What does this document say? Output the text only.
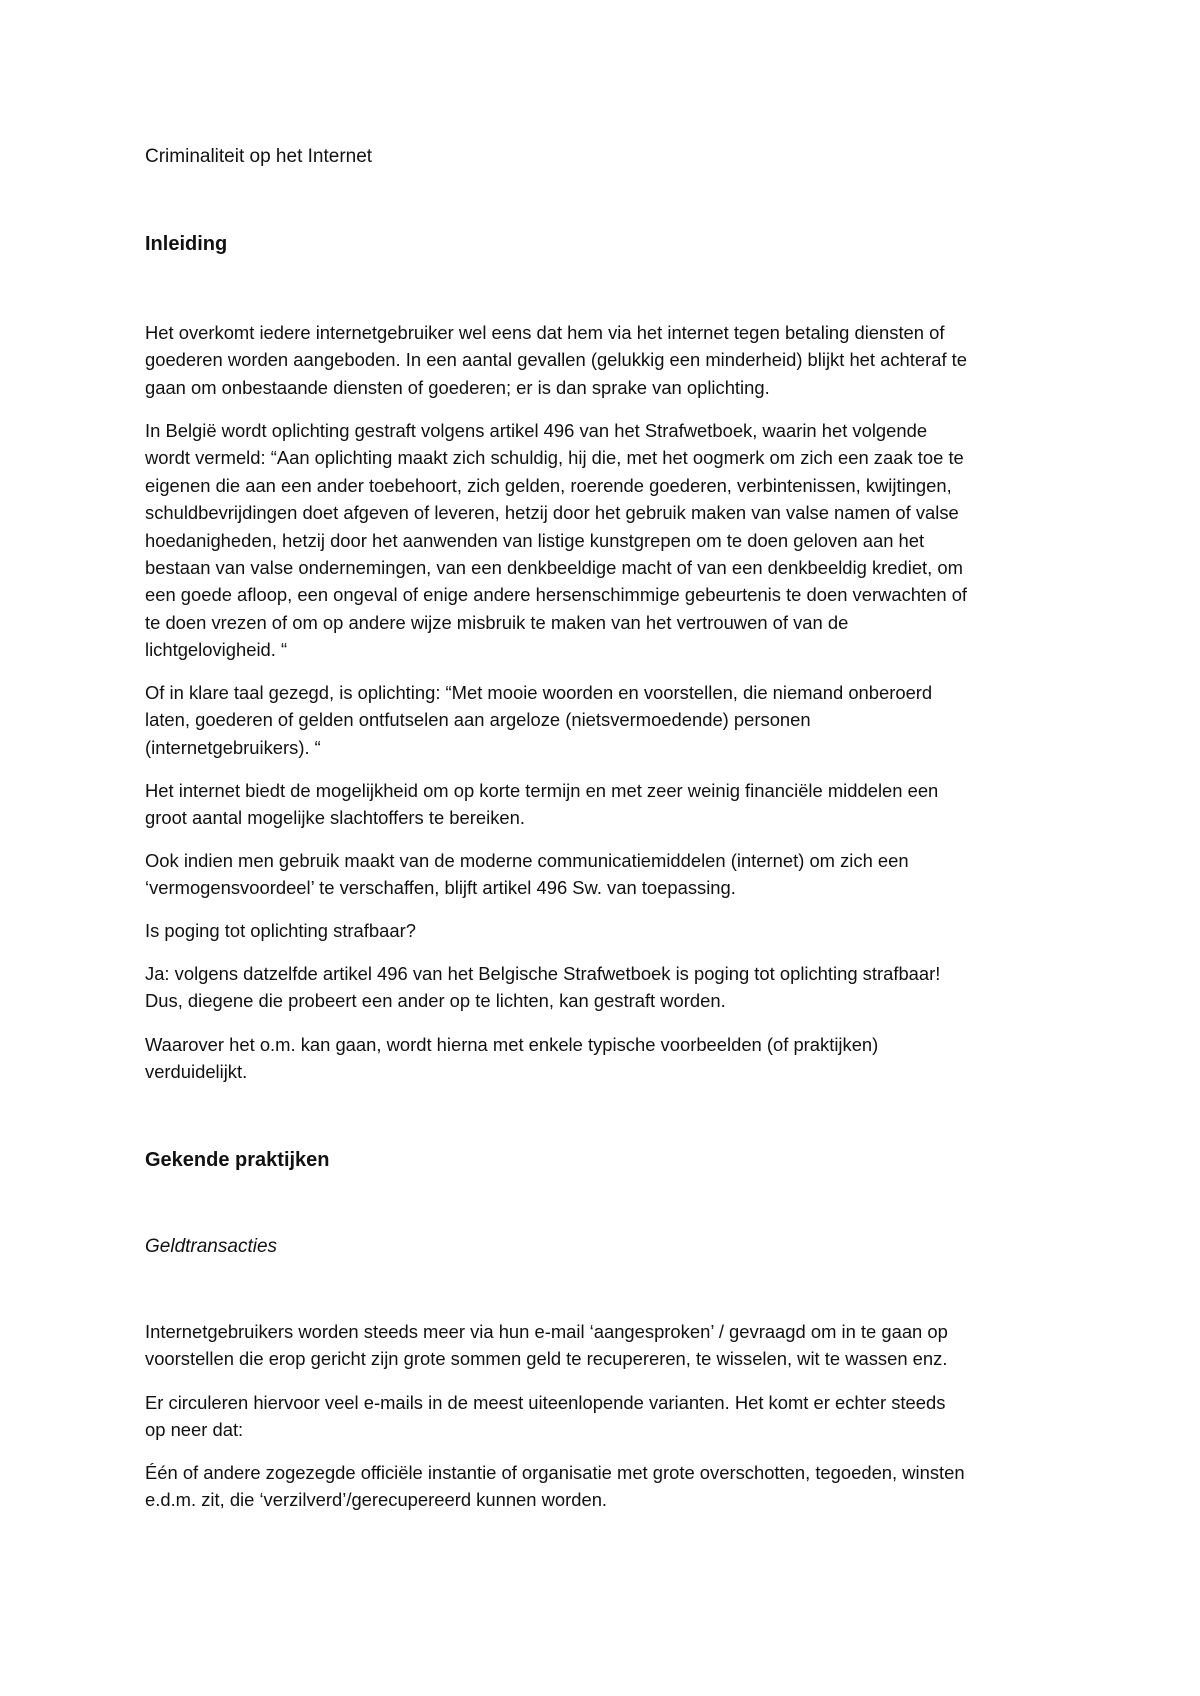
Criminaliteit op het Internet
Inleiding

Het overkomt iedere internetgebruiker wel eens dat hem via het internet tegen betaling diensten of
goederen worden aangeboden. In een aantal gevallen (gelukkig een minderheid) blijkt het achteraf te
gaan om onbestaande diensten of goederen; er is dan sprake van oplichting.

In België wordt oplichting gestraft volgens artikel 496 van het Strafwetboek, waarin het volgende
wordt vermeld: “Aan oplichting maakt zich schuldig, hij die, met het oogmerk om zich een zaak toe te
eigenen die aan een ander toebehoort, zich gelden, roerende goederen, verbintenissen, kwijtingen,
schuldbevrijdingen doet afgeven of leveren, hetzij door het gebruik maken van valse namen of valse
hoedanigheden, hetzij door het aanwenden van listige kunstgrepen om te doen geloven aan het
bestaan van valse ondernemingen, van een denkbeeldige macht of van een denkbeeldig krediet, om
een goede afloop, een ongeval of enige andere hersenschimmige gebeurtenis te doen verwachten of
te doen vrezen of om op andere wijze misbruik te maken van het vertrouwen of van de
lichtgelovigheid. “

Of in klare taal gezegd, is oplichting: “Met mooie woorden en voorstellen, die niemand onberoerd
laten, goederen of gelden ontfutselen aan argeloze (nietsvermoedende) personen
(internetgebruikers). “

Het internet biedt de mogelijkheid om op korte termijn en met zeer weinig financiële middelen een
groot aantal mogelijke slachtoffers te bereiken.

Ook indien men gebruik maakt van de moderne communicatiemiddelen (internet) om zich een
‘vermogensvoordeel’ te verschaffen, blijft artikel 496 Sw. van toepassing.

Is poging tot oplichting strafbaar?

Ja: volgens datzelfde artikel 496 van het Belgische Strafwetboek is poging tot oplichting strafbaar!
Dus, diegene die probeert een ander op te lichten, kan gestraft worden.

Waarover het o.m. kan gaan, wordt hierna met enkele typische voorbeelden (of praktijken)
verduidelijkt.

Gekende praktijken
Geldtransacties

Internetgebruikers worden steeds meer via hun e-mail ‘aangesproken’ / gevraagd om in te gaan op
voorstellen die erop gericht zijn grote sommen geld te recupereren, te wisselen, wit te wassen enz.

Er circuleren hiervoor veel e-mails in de meest uiteenlopende varianten. Het komt er echter steeds
op neer dat:

Één of andere zogezegde officiële instantie of organisatie met grote overschotten, tegoeden, winsten
e.d.m. zit, die ‘verzilverd’/gerecupereerd kunnen worden.
